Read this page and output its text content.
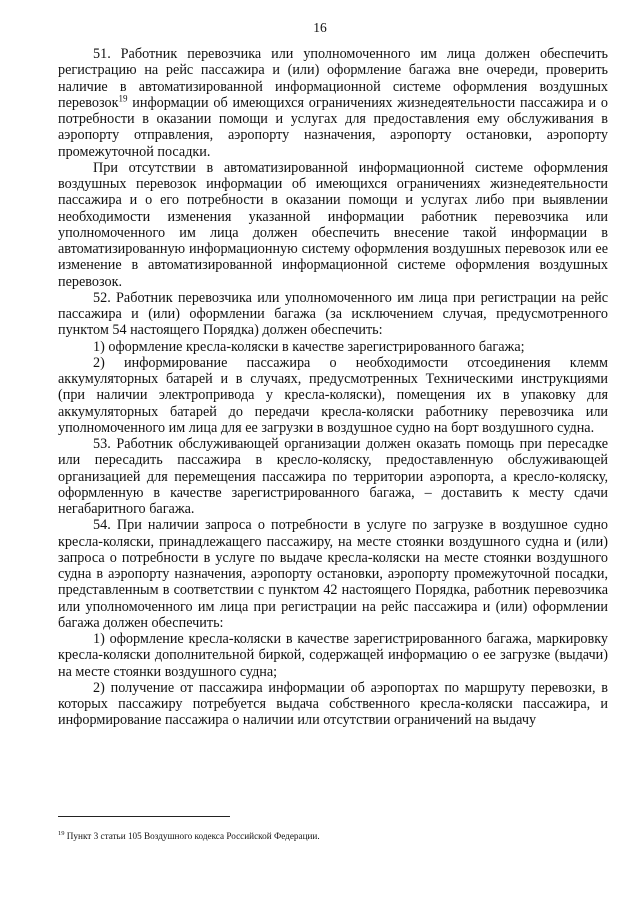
16

51. Работник перевозчика или уполномоченного им лица должен обеспечить регистрацию на рейс пассажира и (или) оформление багажа вне очереди, проверить наличие в автоматизированной информационной системе оформления воздушных перевозок$^{19}$ информации об имеющихся ограничениях жизнедеятельности пассажира и о потребности в оказании помощи и услугах для предоставления ему обслуживания в аэропорту отправления, аэропорту назначения, аэропорту остановки, аэропорту промежуточной посадки.

При отсутствии в автоматизированной информационной системе оформления воздушных перевозок информации об имеющихся ограничениях жизнедеятельности пассажира и о его потребности в оказании помощи и услугах либо при выявлении необходимости изменения указанной информации работник перевозчика или уполномоченного им лица должен обеспечить внесение такой информации в автоматизированную информационную систему оформления воздушных перевозок или ее изменение в автоматизированной информационной системе оформления воздушных перевозок.

52. Работник перевозчика или уполномоченного им лица при регистрации на рейс пассажира и (или) оформлении багажа (за исключением случая, предусмотренного пунктом 54 настоящего Порядка) должен обеспечить:

1) оформление кресла-коляски в качестве зарегистрированного багажа;

2) информирование пассажира о необходимости отсоединения клемм аккумуляторных батарей и в случаях, предусмотренных Техническими инструкциями (при наличии электропривода у кресла-коляски), помещения их в упаковку для аккумуляторных батарей до передачи кресла-коляски работнику перевозчика или уполномоченного им лица для ее загрузки в воздушное судно на борт воздушного судна.

53. Работник обслуживающей организации должен оказать помощь при пересадке или пересадить пассажира в кресло-коляску, предоставленную обслуживающей организацией для перемещения пассажира по территории аэропорта, а кресло-коляску, оформленную в качестве зарегистрированного багажа, – доставить к месту сдачи негабаритного багажа.

54. При наличии запроса о потребности в услуге по загрузке в воздушное судно кресла-коляски, принадлежащего пассажиру, на месте стоянки воздушного судна и (или) запроса о потребности в услуге по выдаче кресла-коляски на месте стоянки воздушного судна в аэропорту назначения, аэропорту остановки, аэропорту промежуточной посадки, представленным в соответствии с пунктом 42 настоящего Порядка, работник перевозчика или уполномоченного им лица при регистрации на рейс пассажира и (или) оформлении багажа должен обеспечить:

1) оформление кресла-коляски в качестве зарегистрированного багажа, маркировку кресла-коляски дополнительной биркой, содержащей информацию о ее загрузке (выдачи) на месте стоянки воздушного судна;

2) получение от пассажира информации об аэропортах по маршруту перевозки, в которых пассажиру потребуется выдача собственного кресла-коляски пассажира, и информирование пассажира о наличии или отсутствии ограничений на выдачу

$^{19}$ Пункт 3 статьи 105 Воздушного кодекса Российской Федерации.
